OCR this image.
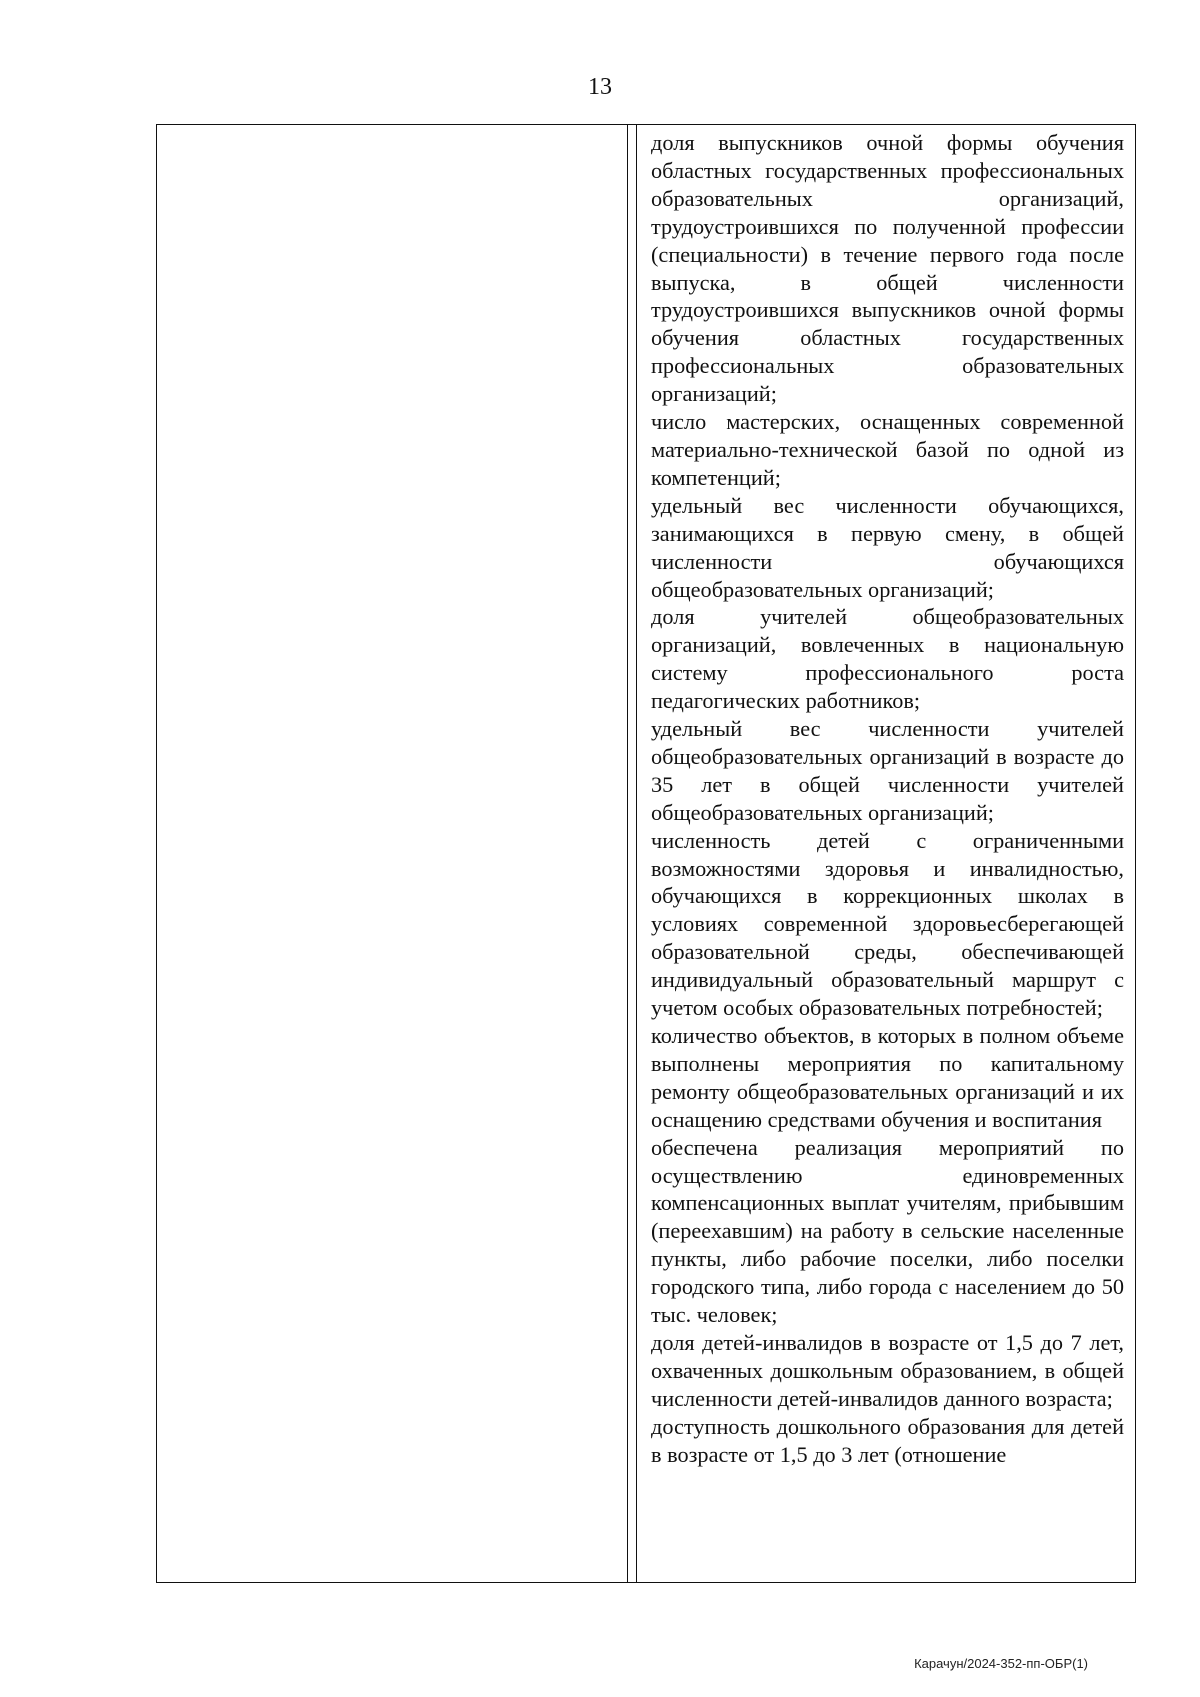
13

доля выпускников очной формы обучения областных государственных профессиональных образовательных организаций, трудоустроившихся по полученной профессии (специальности) в течение первого года после выпуска, в общей численности трудоустроившихся выпускников очной формы обучения областных государственных профессиональных образовательных организаций;

число мастерских, оснащенных современной материально-технической базой по одной из компетенций;

удельный вес численности обучающихся, занимающихся в первую смену, в общей численности обучающихся общеобразовательных организаций;

доля учителей общеобразовательных организаций, вовлеченных в национальную систему профессионального роста педагогических работников;

удельный вес численности учителей общеобразовательных организаций в возрасте до 35 лет в общей численности учителей общеобразовательных организаций;

численность детей с ограниченными возможностями здоровья и инвалидностью, обучающихся в коррекционных школах в условиях современной здоровьесберегающей образовательной среды, обеспечивающей индивидуальный образовательный маршрут с учетом особых образовательных потребностей;

количество объектов, в которых в полном объеме выполнены мероприятия по капитальному ремонту общеобразовательных организаций и их оснащению средствами обучения и воспитания

обеспечена реализация мероприятий по осуществлению единовременных компенсационных выплат учителям, прибывшим (переехавшим) на работу в сельские населенные пункты, либо рабочие поселки, либо поселки городского типа, либо города с населением до 50 тыс. человек;

доля детей-инвалидов в возрасте от 1,5 до 7 лет, охваченных дошкольным образованием, в общей численности детей-инвалидов данного возраста;

доступность дошкольного образования для детей в возрасте от 1,5 до 3 лет (отношение

Карачун/2024-352-пп-ОБР(1)
